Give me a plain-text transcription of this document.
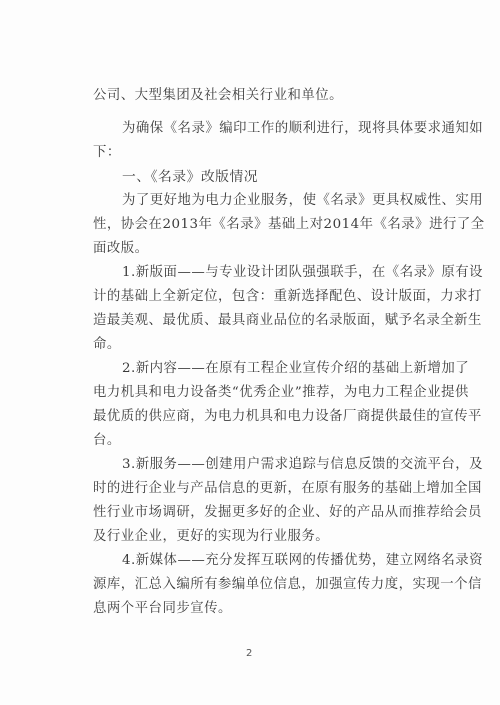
公司、大型集团及社会相关行业和单位。
为确保《名录》编印工作的顺利进行，现将具体要求通知如
下：
一、《名录》改版情况
为了更好地为电力企业服务，使《名录》更具权威性、实用
性，协会在2013年《名录》基础上对2014年《名录》进行了全
面改版。
1.新版面——与专业设计团队强强联手，在《名录》原有设
计的基础上全新定位，包含：重新选择配色、设计版面，力求打
造最美观、最优质、最具商业品位的名录版面，赋予名录全新生
命。
2.新内容——在原有工程企业宣传介绍的基础上新增加了
电力机具和电力设备类“优秀企业”推荐，为电力工程企业提供
最优质的供应商，为电力机具和电力设备厂商提供最佳的宣传平
台。
3.新服务——创建用户需求追踪与信息反馈的交流平台，及
时的进行企业与产品信息的更新，在原有服务的基础上增加全国
性行业市场调研，发掘更多好的企业、好的产品从而推荐给会员
及行业企业，更好的实现为行业服务。
4.新媒体——充分发挥互联网的传播优势，建立网络名录资
源库，汇总入编所有参编单位信息，加强宣传力度，实现一个信
息两个平台同步宣传。
2
